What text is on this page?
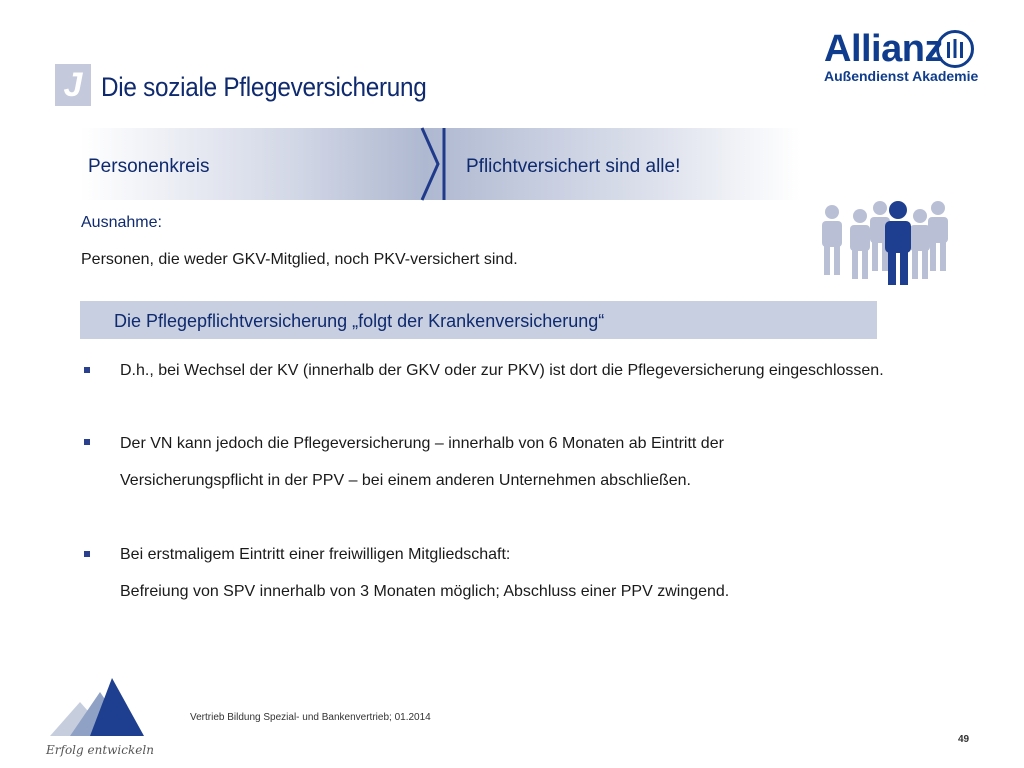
J Die soziale Pflegeversicherung
Allianz
Außendienst Akademie
Personenkreis	Pflichtversichert sind alle!
Ausnahme:
Personen, die weder GKV-Mitglied, noch PKV-versichert sind.
Die Pflegepflichtversicherung „folgt der Krankenversicherung“
D.h., bei Wechsel der KV (innerhalb der GKV oder zur PKV) ist dort die Pflegeversicherung eingeschlossen.
Der VN kann jedoch die Pflegeversicherung – innerhalb von 6 Monaten ab Eintritt der
Versicherungspflicht in der PPV – bei einem anderen Unternehmen abschließen.
Bei erstmaligem Eintritt einer freiwilligen Mitgliedschaft:
Befreiung von SPV innerhalb von 3 Monaten möglich; Abschluss einer PPV zwingend.
Erfolg entwickeln
Vertrieb Bildung Spezial- und Bankenvertrieb; 01.2014
49
